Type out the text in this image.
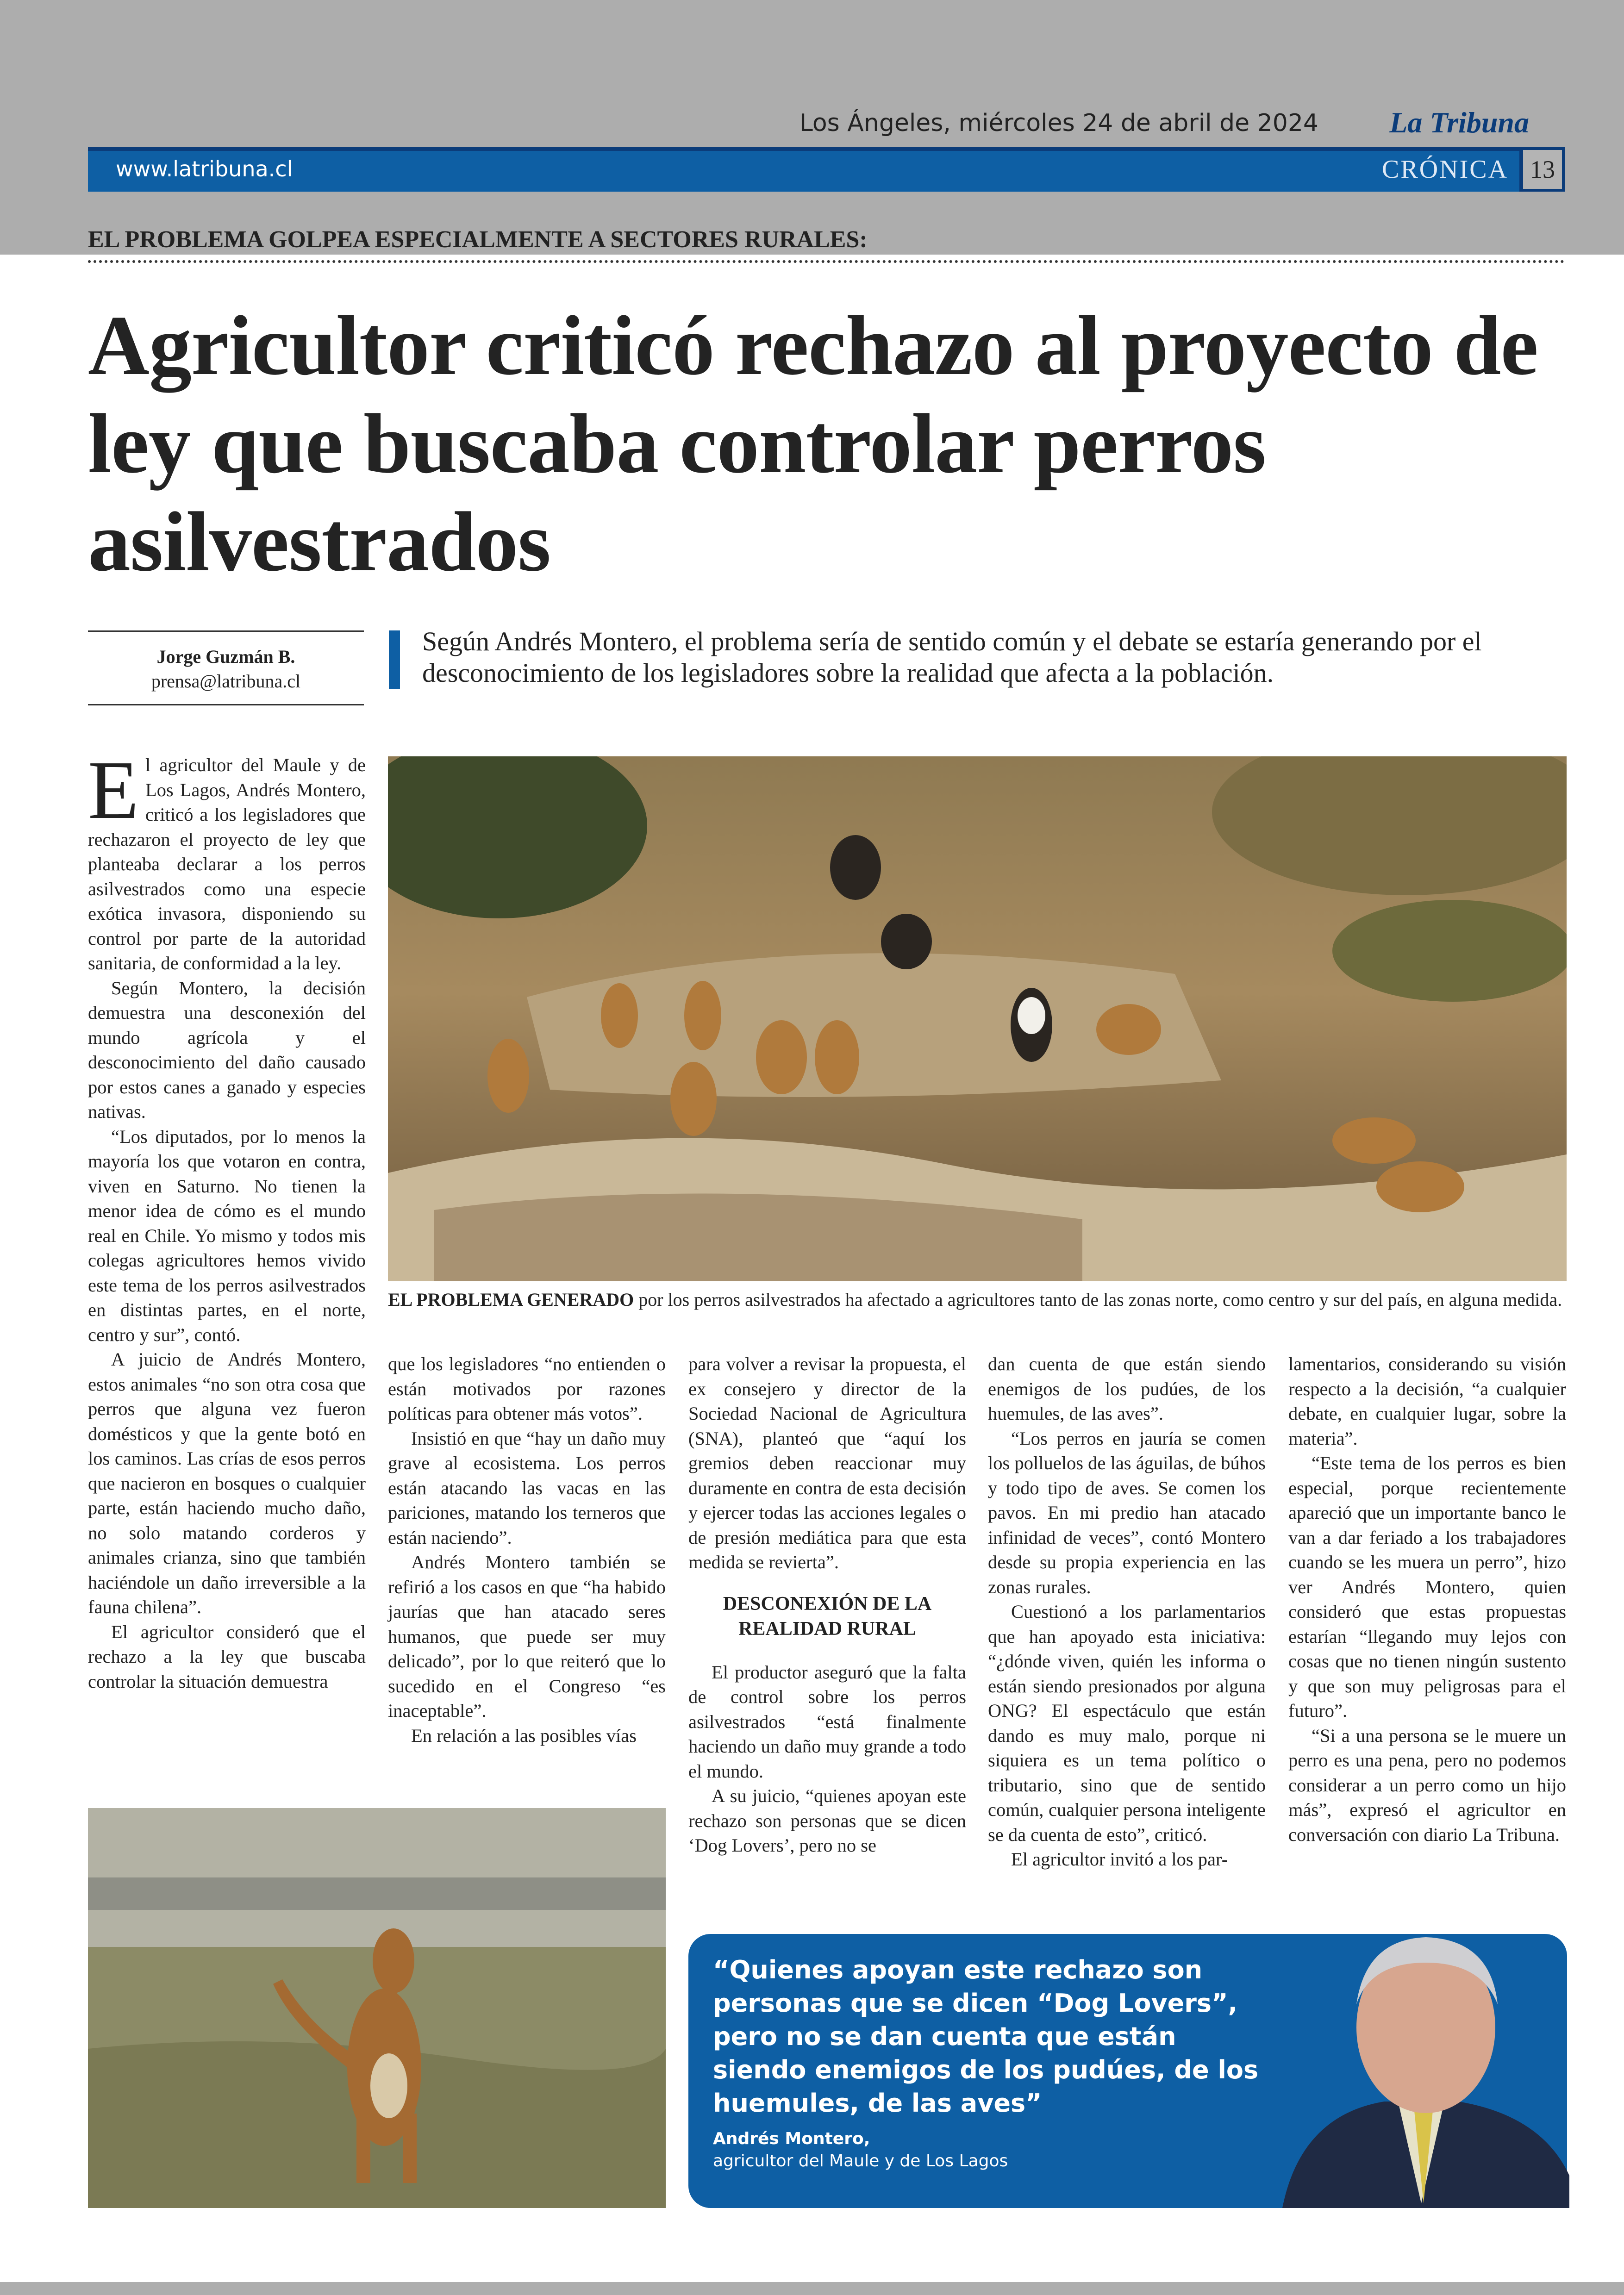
Los Ángeles, miércoles 24 de abril de 2024 La Tribuna
www.latribuna.cl	CRÓNICA 13
EL PROBLEMA GOLPEA ESPECIALMENTE A SECTORES RURALES:
Agricultor criticó rechazo al proyecto de ley que buscaba controlar perros asilvestrados
Jorge Guzmán B.
prensa@latribuna.cl
Según Andrés Montero, el problema sería de sentido común y el debate se estaría generando por el desconocimiento de los legisladores sobre la realidad que afecta a la población.

El agricultor del Maule y de Los Lagos, Andrés Montero, criticó a los legisladores que rechazaron el proyecto de ley que planteaba declarar a los perros asilvestrados como una especie exótica invasora, disponiendo su control por parte de la autoridad sanitaria, de conformidad a la ley.

Según Montero, la decisión demuestra una desconexión del mundo agrícola y el desconocimiento del daño causado por estos canes a ganado y especies nativas.

“Los diputados, por lo menos la mayoría los que votaron en contra, viven en Saturno. No tienen la menor idea de cómo es el mundo real en Chile. Yo mismo y todos mis colegas agricultores hemos vivido este tema de los perros asilvestrados en distintas partes, en el norte, centro y sur”, contó.

A juicio de Andrés Montero, estos animales “no son otra cosa que perros que alguna vez fueron domésticos y que la gente botó en los caminos. Las crías de esos perros que nacieron en bosques o cualquier parte, están haciendo mucho daño, no solo matando corderos y animales crianza, sino que también haciéndole un daño irreversible a la fauna chilena”.

El agricultor consideró que el rechazo a la ley que buscaba controlar la situación demuestra

EL PROBLEMA GENERADO por los perros asilvestrados ha afectado a agricultores tanto de las zonas norte, como centro y sur del país, en alguna medida.

que los legisladores “no entienden o están motivados por razones políticas para obtener más votos”.

Insistió en que “hay un daño muy grave al ecosistema. Los perros están atacando las vacas en las pariciones, matando los terneros que están naciendo”.

Andrés Montero también se refirió a los casos en que “ha habido jaurías que han atacado seres humanos, que puede ser muy delicado”, por lo que reiteró que lo sucedido en el Congreso “es inaceptable”.

En relación a las posibles vías

para volver a revisar la propuesta, el ex consejero y director de la Sociedad Nacional de Agricultura (SNA), planteó que “aquí los gremios deben reaccionar muy duramente en contra de esta decisión y ejercer todas las acciones legales o de presión mediática para que esta medida se revierta”.

DESCONEXIÓN DE LA REALIDAD RURAL

El productor aseguró que la falta de control sobre los perros asilvestrados “está finalmente haciendo un daño muy grande a todo el mundo.

A su juicio, “quienes apoyan este rechazo son personas que se dicen ‘Dog Lovers’, pero no se

dan cuenta de que están siendo enemigos de los pudúes, de los huemules, de las aves”.

“Los perros en jauría se comen los polluelos de las águilas, de búhos y todo tipo de aves. Se comen los pavos. En mi predio han atacado infinidad de veces”, contó Montero desde su propia experiencia en las zonas rurales.

Cuestionó a los parlamentarios que han apoyado esta iniciativa: “¿dónde viven, quién les informa o están siendo presionados por alguna ONG? El espectáculo que están dando es muy malo, porque ni siquiera es un tema político o tributario, sino que de sentido común, cualquier persona inteligente se da cuenta de esto”, criticó.

El agricultor invitó a los par-

lamentarios, considerando su visión respecto a la decisión, “a cualquier debate, en cualquier lugar, sobre la materia”.

“Este tema de los perros es bien especial, porque recientemente apareció que un importante banco le van a dar feriado a los trabajadores cuando se les muera un perro”, hizo ver Andrés Montero, quien consideró que estas propuestas estarían “llegando muy lejos con cosas que no tienen ningún sustento y que son muy peligrosas para el futuro”.

“Si a una persona se le muere un perro es una pena, pero no podemos considerar a un perro como un hijo más”, expresó el agricultor en conversación con diario La Tribuna.

“Quienes apoyan este rechazo son personas que se dicen “Dog Lovers”, pero no se dan cuenta que están siendo enemigos de los pudúes, de los huemules, de las aves”
Andrés Montero,
agricultor del Maule y de Los Lagos
